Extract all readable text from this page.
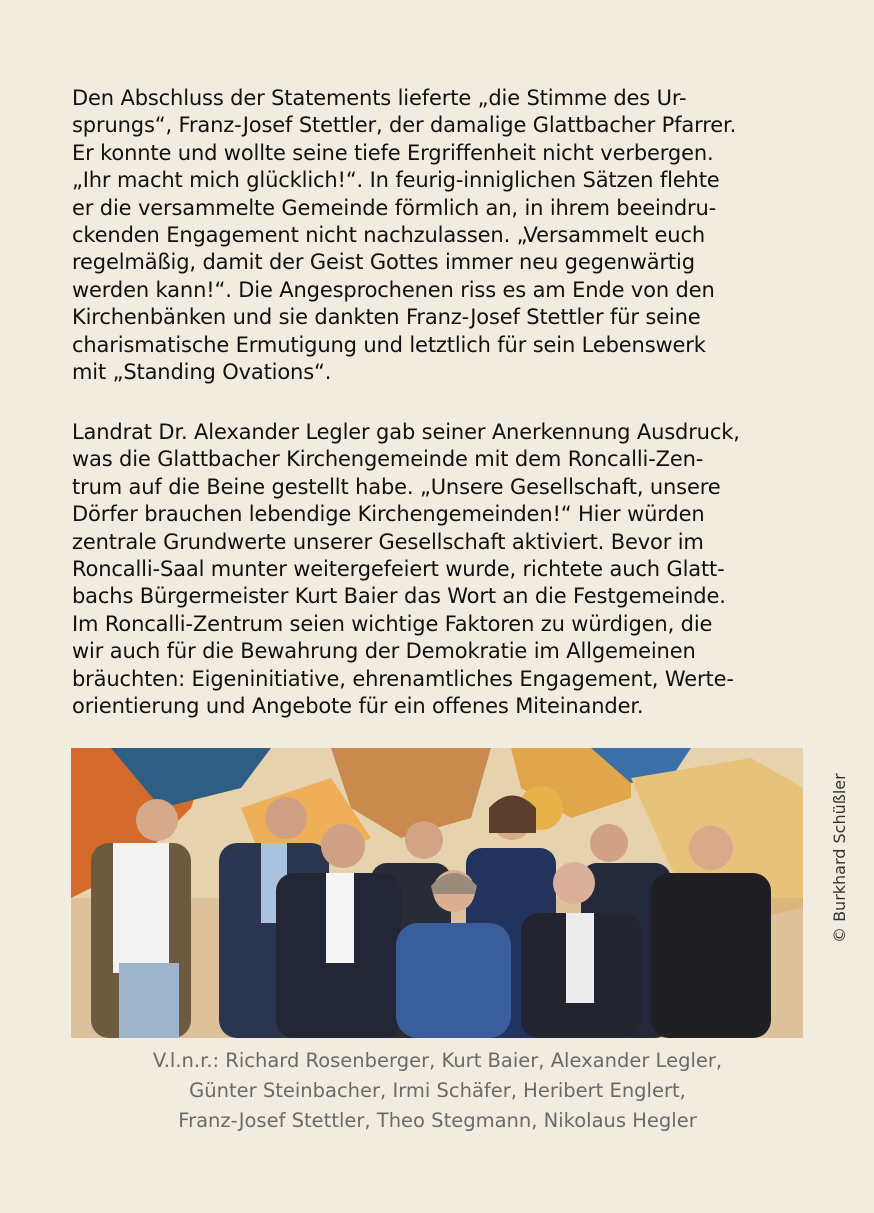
Den Abschluss der Statements lieferte „die Stimme des Ur-
sprungs“, Franz-Josef Stettler, der damalige Glattbacher Pfarrer.
Er konnte und wollte seine tiefe Ergriffenheit nicht verbergen.
„Ihr macht mich glücklich!“. In feurig-inniglichen Sätzen flehte
er die versammelte Gemeinde förmlich an, in ihrem beeindru-
ckenden Engagement nicht nachzulassen. „Versammelt euch
regelmäßig, damit der Geist Gottes immer neu gegenwärtig
werden kann!“. Die Angesprochenen riss es am Ende von den
Kirchenbänken und sie dankten Franz-Josef Stettler für seine
charismatische Ermutigung und letztlich für sein Lebenswerk
mit „Standing Ovations“.
Landrat Dr. Alexander Legler gab seiner Anerkennung Ausdruck,
was die Glattbacher Kirchengemeinde mit dem Roncalli-Zen-
trum auf die Beine gestellt habe. „Unsere Gesellschaft, unsere
Dörfer brauchen lebendige Kirchengemeinden!“ Hier würden
zentrale Grundwerte unserer Gesellschaft aktiviert. Bevor im
Roncalli-Saal munter weitergefeiert wurde, richtete auch Glatt-
bachs Bürgermeister Kurt Baier das Wort an die Festgemeinde.
Im Roncalli-Zentrum seien wichtige Faktoren zu würdigen, die
wir auch für die Bewahrung der Demokratie im Allgemeinen
bräuchten: Eigeninitiative, ehrenamtliches Engagement, Werte-
orientierung und Angebote für ein offenes Miteinander.
© Burkhard Schüßler
V.l.n.r.: Richard Rosenberger, Kurt Baier, Alexander Legler,
Günter Steinbacher, Irmi Schäfer, Heribert Englert,
Franz-Josef Stettler, Theo Stegmann, Nikolaus Hegler
